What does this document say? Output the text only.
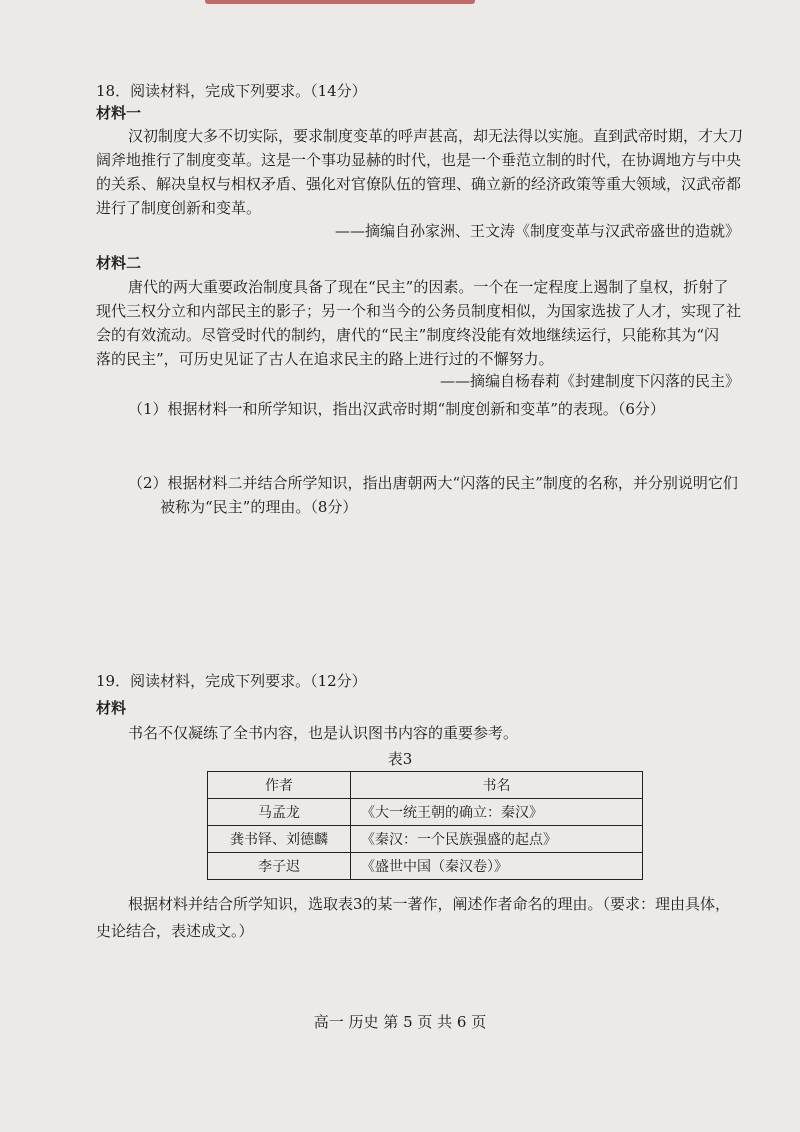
18．阅读材料，完成下列要求。（14分）
材料一
汉初制度大多不切实际，要求制度变革的呼声甚高，却无法得以实施。直到武帝时期，才大刀
阔斧地推行了制度变革。这是一个事功显赫的时代，也是一个垂范立制的时代，在协调地方与中央
的关系、解决皇权与相权矛盾、强化对官僚队伍的管理、确立新的经济政策等重大领域，汉武帝都
进行了制度创新和变革。
——摘编自孙家洲、王文涛《制度变革与汉武帝盛世的造就》
材料二
唐代的两大重要政治制度具备了现在“民主”的因素。一个在一定程度上遏制了皇权，折射了
现代三权分立和内部民主的影子；另一个和当今的公务员制度相似，为国家选拔了人才，实现了社
会的有效流动。尽管受时代的制约，唐代的“民主”制度终没能有效地继续运行，只能称其为“闪
落的民主”，可历史见证了古人在追求民主的路上进行过的不懈努力。
——摘编自杨春莉《封建制度下闪落的民主》
（1）根据材料一和所学知识，指出汉武帝时期“制度创新和变革”的表现。（6分）
（2）根据材料二并结合所学知识，指出唐朝两大“闪落的民主”制度的名称，并分别说明它们
被称为“民主”的理由。（8分）
19．阅读材料，完成下列要求。（12分）
材料
书名不仅凝练了全书内容，也是认识图书内容的重要参考。
表3
作者	书名
马孟龙	《大一统王朝的确立：秦汉》
龚书铎、刘德麟	《秦汉：一个民族强盛的起点》
李子迟	《盛世中国（秦汉卷）》
根据材料并结合所学知识，选取表3的某一著作，阐述作者命名的理由。（要求：理由具体，
史论结合，表述成文。）
高一 历史 第 5 页 共 6 页
